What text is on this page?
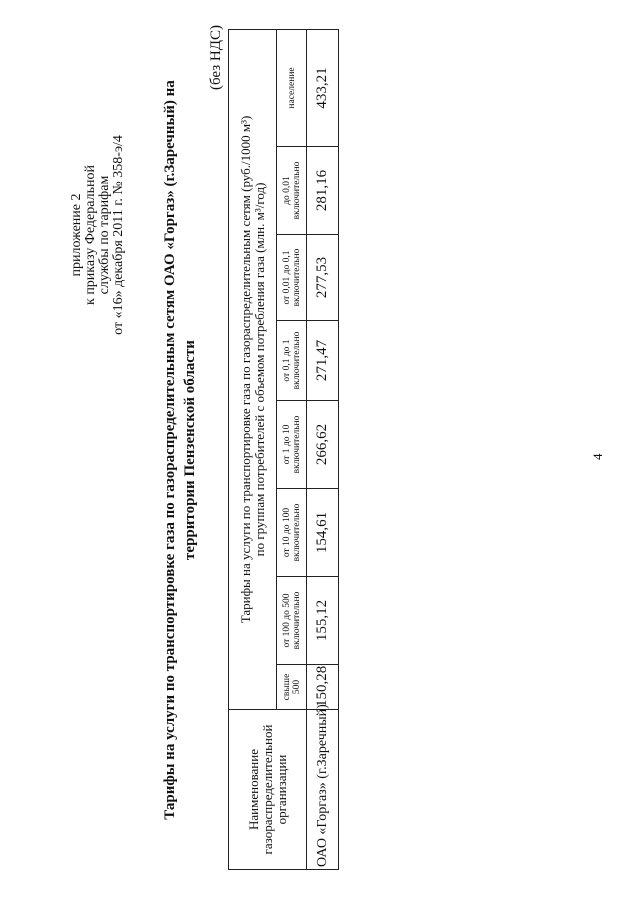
приложение 2 к приказу Федеральной службы по тарифам от «16» декабря 2011 г. № 358-э/4 Тарифы на услуги по транспортировке газа по газораспределительным сетям ОАО «Горгаз» (г.Заречный) на территории Пензенской области
(без НДС)
Наименование газораспределительной организации	Тарифы на услуги по транспортировке газа по газораспределительным сетям (руб./1000 м³) по группам потребителей с объемом потребления газа (млн. м³/год)							

	свыше 500	от 100 до 500 включительно	от 10 до 100 включительно	от 1 до 10 включительно	от 0,1 до 1 включительно	от 0,01 до 0,1 включительно	до 0,01 включительно	население
ОАО «Горгаз» (г.Заречный)	150,28	155,12	154,61	266,62	271,47	277,53	281,16	433,21
4
